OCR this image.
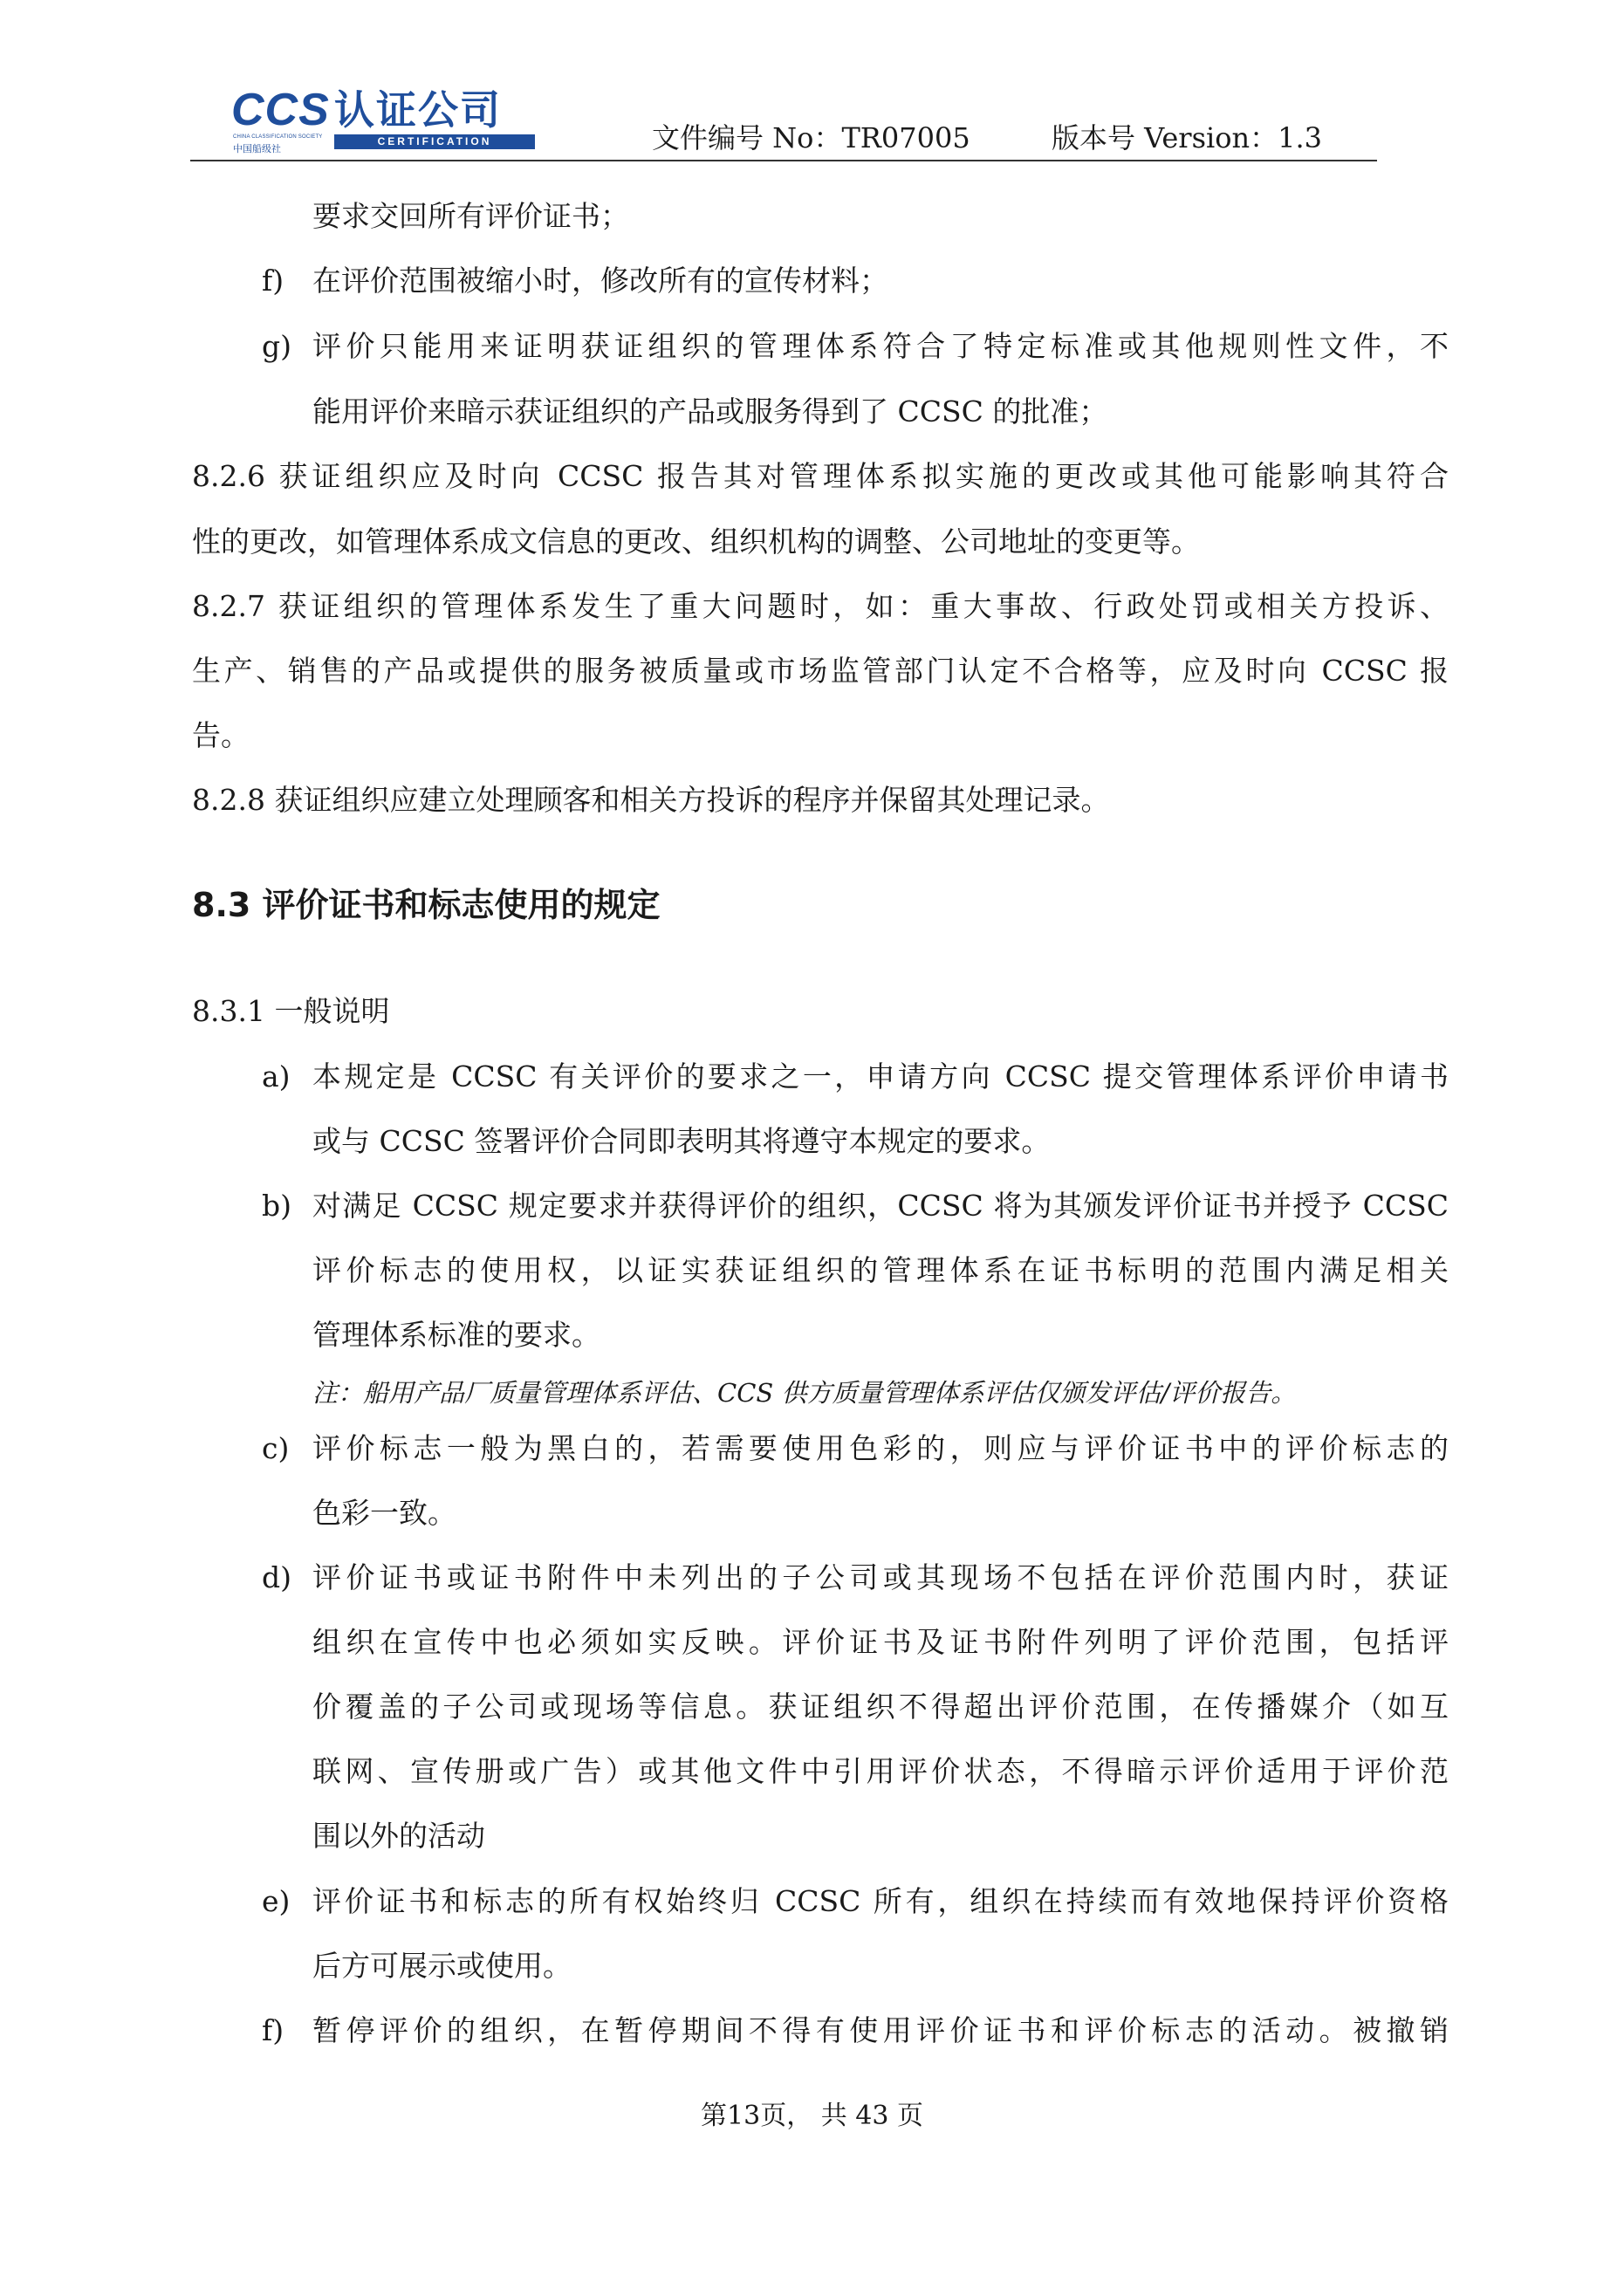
CCS
CHINA CLASSIFICATION SOCIETY
中国船级社
认证公司
CERTIFICATION	文件编号 No：TR07005	版本号 Version：1.3
要求交回所有评价证书；
f) 在评价范围被缩小时，修改所有的宣传材料；
g) 评价只能用来证明获证组织的管理体系符合了特定标准或其他规则性文件，不
能用评价来暗示获证组织的产品或服务得到了 CCSC 的批准；
8.2.6 获证组织应及时向 CCSC 报告其对管理体系拟实施的更改或其他可能影响其符合
性的更改，如管理体系成文信息的更改、组织机构的调整、公司地址的变更等。
8.2.7 获证组织的管理体系发生了重大问题时，如：重大事故、行政处罚或相关方投诉、
生产、销售的产品或提供的服务被质量或市场监管部门认定不合格等，应及时向 CCSC 报
告。
8.2.8 获证组织应建立处理顾客和相关方投诉的程序并保留其处理记录。
8.3 评价证书和标志使用的规定
8.3.1 一般说明
a) 本规定是 CCSC 有关评价的要求之一，申请方向 CCSC 提交管理体系评价申请书
或与 CCSC 签署评价合同即表明其将遵守本规定的要求。
b) 对满足 CCSC 规定要求并获得评价的组织，CCSC 将为其颁发评价证书并授予 CCSC
评价标志的使用权，以证实获证组织的管理体系在证书标明的范围内满足相关
管理体系标准的要求。
注：船用产品厂质量管理体系评估、CCS 供方质量管理体系评估仅颁发评估/评价报告。
c) 评价标志一般为黑白的，若需要使用色彩的，则应与评价证书中的评价标志的
色彩一致。
d) 评价证书或证书附件中未列出的子公司或其现场不包括在评价范围内时，获证
组织在宣传中也必须如实反映。评价证书及证书附件列明了评价范围，包括评
价覆盖的子公司或现场等信息。获证组织不得超出评价范围，在传播媒介（如互
联网、宣传册或广告）或其他文件中引用评价状态，不得暗示评价适用于评价范
围以外的活动
e) 评价证书和标志的所有权始终归 CCSC 所有，组织在持续而有效地保持评价资格
后方可展示或使用。
f) 暂停评价的组织，在暂停期间不得有使用评价证书和评价标志的活动。被撤销
第13页， 共 43 页
